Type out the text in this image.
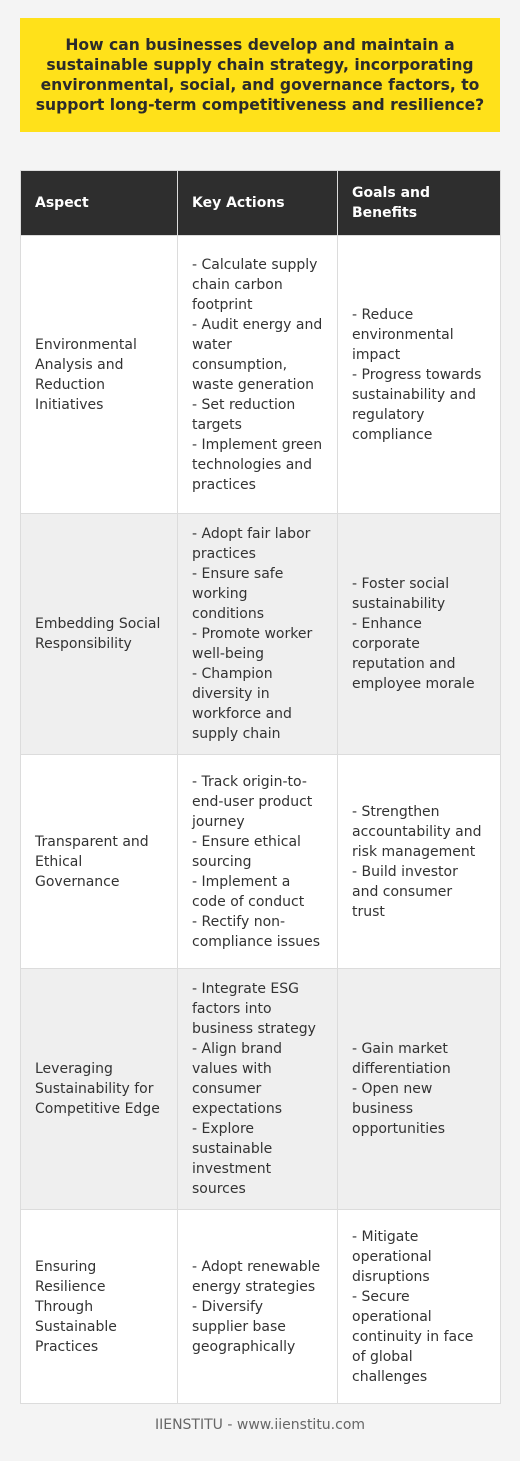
How can businesses develop and maintain a sustainable supply chain strategy, incorporating environmental, social, and governance factors, to support long-term competitiveness and resilience?
Aspect	Key Actions	Goals and Benefits
Environmental Analysis and Reduction Initiatives	- Calculate supply chain carbon footprint
- Audit energy and water consumption, waste generation
- Set reduction targets
- Implement green technologies and practices	- Reduce environmental impact
- Progress towards sustainability and regulatory compliance

Embedding Social Responsibility	- Adopt fair labor practices
- Ensure safe working conditions
- Promote worker well-being
- Champion diversity in workforce and supply chain	- Foster social sustainability
- Enhance corporate reputation and employee morale

Transparent and Ethical Governance	- Track origin-to-end-user product journey
- Ensure ethical sourcing
- Implement a code of conduct
- Rectify non-compliance issues	- Strengthen accountability and risk management
- Build investor and consumer trust

Leveraging Sustainability for Competitive Edge	- Integrate ESG factors into business strategy
- Align brand values with consumer expectations
- Explore sustainable investment sources	- Gain market differentiation
- Open new business opportunities

Ensuring Resilience Through Sustainable Practices	- Adopt renewable energy strategies
- Diversify supplier base geographically	- Mitigate operational disruptions
- Secure operational continuity in face of global challenges
IIENSTITU - www.iienstitu.com
